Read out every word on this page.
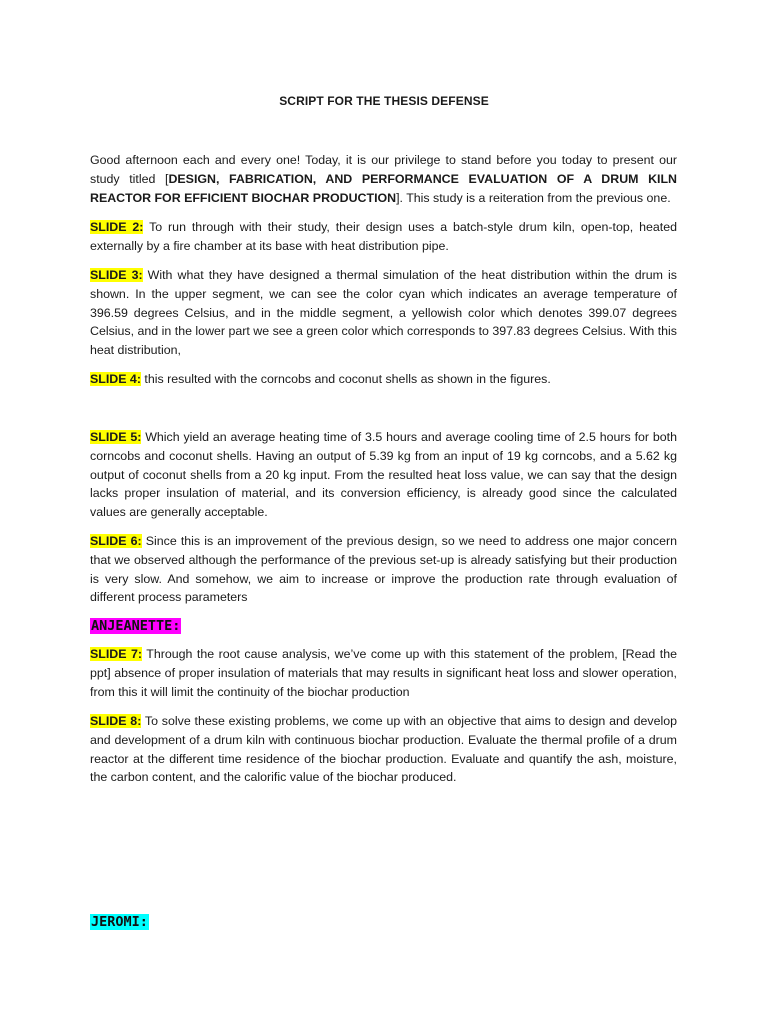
SCRIPT FOR THE THESIS DEFENSE

Good afternoon each and every one! Today, it is our privilege to stand before you today to present our study titled [DESIGN, FABRICATION, AND PERFORMANCE EVALUATION OF A DRUM KILN REACTOR FOR EFFICIENT BIOCHAR PRODUCTION]. This study is a reiteration from the previous one.

SLIDE 2: To run through with their study, their design uses a batch-style drum kiln, open-top, heated externally by a fire chamber at its base with heat distribution pipe.

SLIDE 3: With what they have designed a thermal simulation of the heat distribution within the drum is shown. In the upper segment, we can see the color cyan which indicates an average temperature of 396.59 degrees Celsius, and in the middle segment, a yellowish color which denotes 399.07 degrees Celsius, and in the lower part we see a green color which corresponds to 397.83 degrees Celsius. With this heat distribution,

SLIDE 4: this resulted with the corncobs and coconut shells as shown in the figures.

SLIDE 5: Which yield an average heating time of 3.5 hours and average cooling time of 2.5 hours for both corncobs and coconut shells. Having an output of 5.39 kg from an input of 19 kg corncobs, and a 5.62 kg output of coconut shells from a 20 kg input. From the resulted heat loss value, we can say that the design lacks proper insulation of material, and its conversion efficiency, is already good since the calculated values are generally acceptable.

SLIDE 6: Since this is an improvement of the previous design, so we need to address one major concern that we observed although the performance of the previous set-up is already satisfying but their production is very slow. And somehow, we aim to increase or improve the production rate through evaluation of different process parameters

ANJEANETTE:

SLIDE 7: Through the root cause analysis, we’ve come up with this statement of the problem, [Read the ppt] absence of proper insulation of materials that may results in significant heat loss and slower operation, from this it will limit the continuity of the biochar production

SLIDE 8: To solve these existing problems, we come up with an objective that aims to design and develop and development of a drum kiln with continuous biochar production. Evaluate the thermal profile of a drum reactor at the different time residence of the biochar production. Evaluate and quantify the ash, moisture, the carbon content, and the calorific value of the biochar produced.

JEROMI:
